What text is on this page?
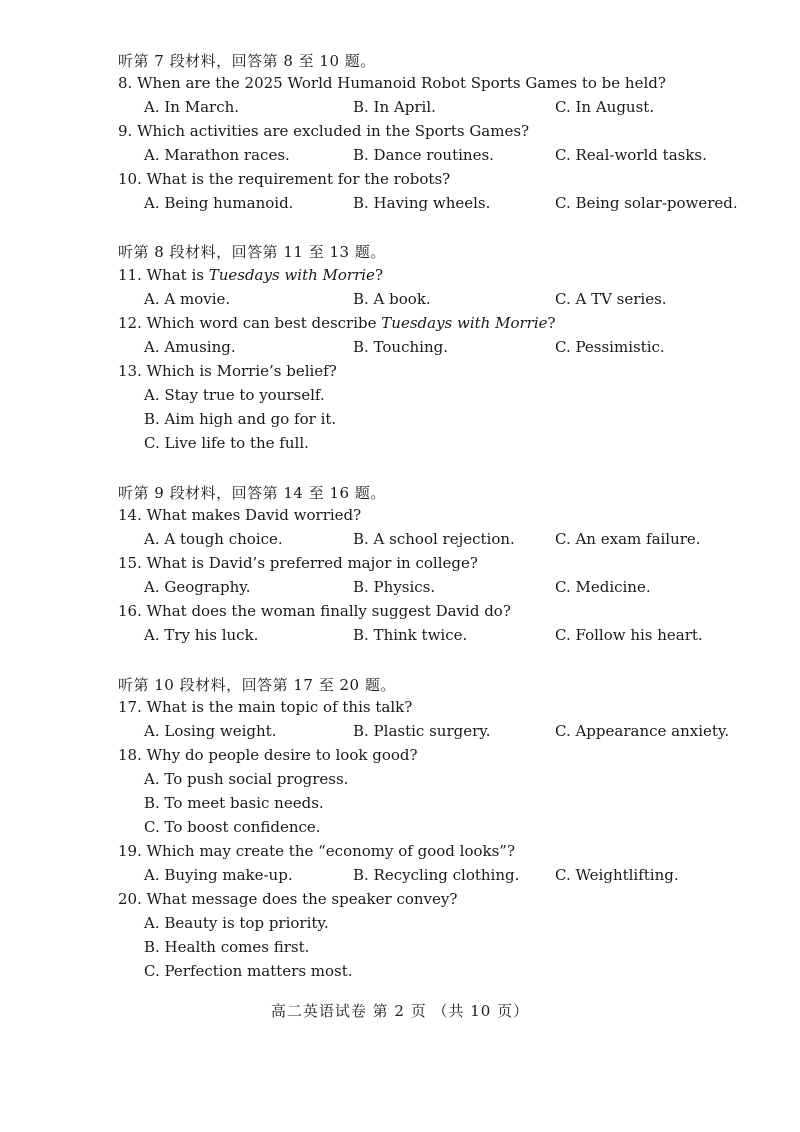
听第 7 段材料，回答第 8 至 10 题。
8. When are the 2025 World Humanoid Robot Sports Games to be held?
A. In March.	B. In April.	C. In August.
9. Which activities are excluded in the Sports Games?
A. Marathon races.	B. Dance routines.	C. Real-world tasks.
10. What is the requirement for the robots?
A. Being humanoid.	B. Having wheels.	C. Being solar-powered.
听第 8 段材料，回答第 11 至 13 题。
11. What is Tuesdays with Morrie?
A. A movie.	B. A book.	C. A TV series.
12. Which word can best describe Tuesdays with Morrie?
A. Amusing.	B. Touching.	C. Pessimistic.
13. Which is Morrie’s belief?
A. Stay true to yourself.
B. Aim high and go for it.
C. Live life to the full.
听第 9 段材料，回答第 14 至 16 题。
14. What makes David worried?
A. A tough choice.	B. A school rejection.	C. An exam failure.
15. What is David’s preferred major in college?
A. Geography.	B. Physics.	C. Medicine.
16. What does the woman finally suggest David do?
A. Try his luck.	B. Think twice.	C. Follow his heart.
听第 10 段材料，回答第 17 至 20 题。
17. What is the main topic of this talk?
A. Losing weight.	B. Plastic surgery.	C. Appearance anxiety.
18. Why do people desire to look good?
A. To push social progress.
B. To meet basic needs.
C. To boost confidence.
19. Which may create the “economy of good looks”?
A. Buying make-up.	B. Recycling clothing. C. Weightlifting.
20. What message does the speaker convey?
A. Beauty is top priority.
B. Health comes first.
C. Perfection matters most.
高二英语试卷 第 2 页 （共 10 页）
